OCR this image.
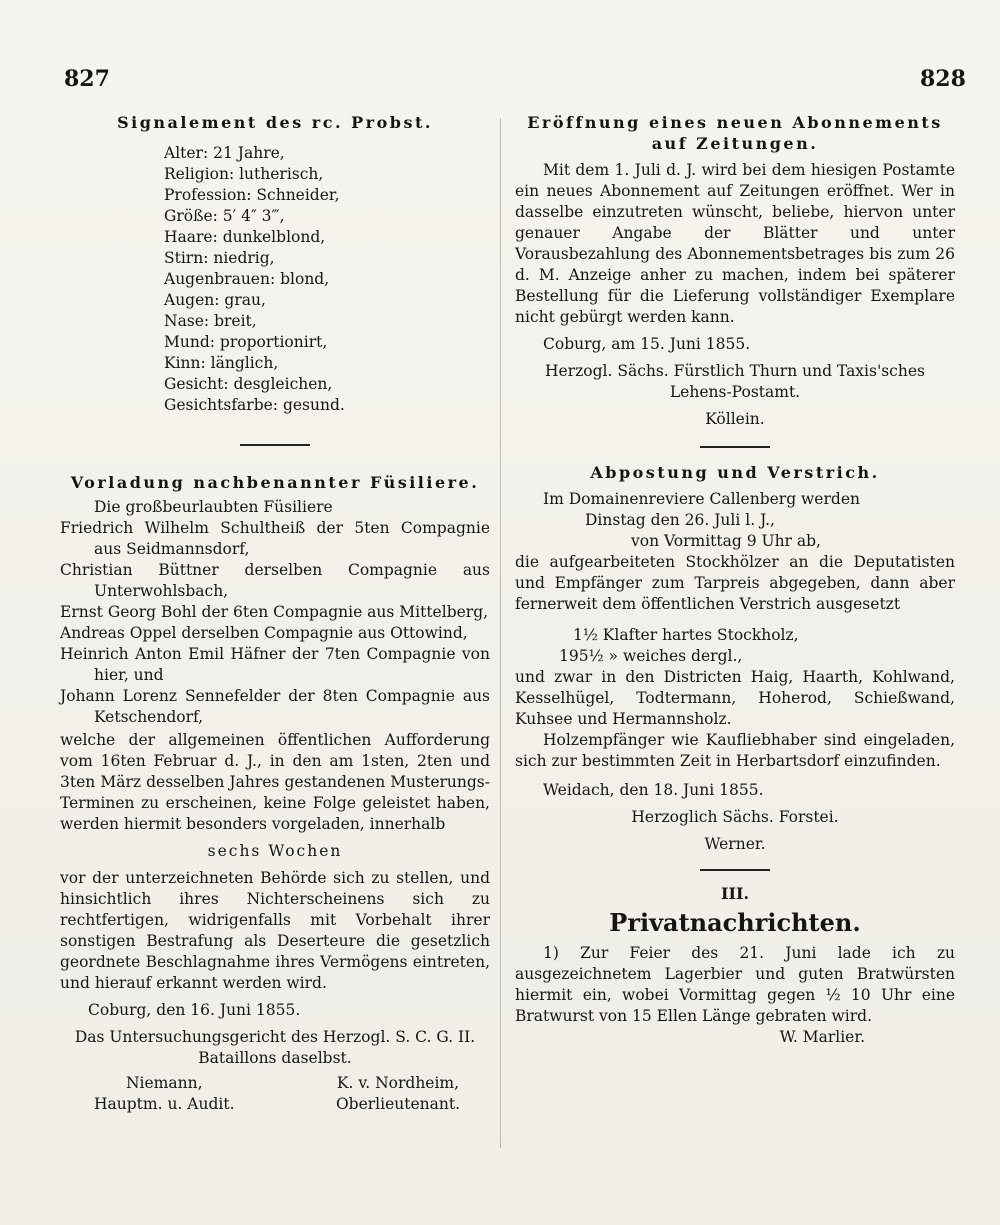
827	828

Signalement des rc. Probst.

Alter: 21 Jahre,
Religion: lutherisch,
Profession: Schneider,
Größe: 5′ 4″ 3‴,
Haare: dunkelblond,
Stirn: niedrig,
Augenbrauen: blond,
Augen: grau,
Nase: breit,
Mund: proportionirt,
Kinn: länglich,
Gesicht: desgleichen,
Gesichtsfarbe: gesund.

Vorladung nachbenannter Füsiliere.

Die großbeurlaubten Füsiliere

Friedrich Wilhelm Schultheiß der 5ten Compagnie aus Seidmannsdorf,

Christian Büttner derselben Compagnie aus Unterwohlsbach,

Ernst Georg Bohl der 6ten Compagnie aus Mittelberg,

Andreas Oppel derselben Compagnie aus Ottowind,

Heinrich Anton Emil Häfner der 7ten Compagnie von hier, und

Johann Lorenz Sennefelder der 8ten Compagnie aus Ketschendorf,

welche der allgemeinen öffentlichen Aufforderung vom 16ten Februar d. J., in den am 1sten, 2ten und 3ten März desselben Jahres gestandenen Musterungs-Terminen zu erscheinen, keine Folge geleistet haben, werden hiermit besonders vorgeladen, innerhalb

sechs Wochen

vor der unterzeichneten Behörde sich zu stellen, und hinsichtlich ihres Nichterscheinens sich zu rechtfertigen, widrigenfalls mit Vorbehalt ihrer sonstigen Bestrafung als Deserteure die gesetzlich geordnete Beschlagnahme ihres Vermögens eintreten, und hierauf erkannt werden wird.

Coburg, den 16. Juni 1855.

Das Untersuchungsgericht des Herzogl. S. C. G. II. Bataillons daselbst.

Niemann,

Hauptm. u. Audit.

K. v. Nordheim,

Oberlieutenant.

Eröffnung eines neuen Abonnements

auf Zeitungen.

Mit dem 1. Juli d. J. wird bei dem hiesigen Postamte ein neues Abonnement auf Zeitungen eröffnet. Wer in dasselbe einzutreten wünscht, beliebe, hiervon unter genauer Angabe der Blätter und unter Vorausbezahlung des Abonnementsbetrages bis zum 26 d. M. Anzeige anher zu machen, indem bei späterer Bestellung für die Lieferung vollständiger Exemplare nicht gebürgt werden kann.

Coburg, am 15. Juni 1855.

Herzogl. Sächs. Fürstlich Thurn und Taxis'sches Lehens-Postamt.

Köllein.

Abpostung und Verstrich.

Im Domainenreviere Callenberg werden

Dinstag den 26. Juli l. J.,

von Vormittag 9 Uhr ab,

die aufgearbeiteten Stockhölzer an die Deputatisten und Empfänger zum Tarpreis abgegeben, dann aber fernerweit dem öffentlichen Verstrich ausgesetzt

1½ Klafter hartes Stockholz,

195½ » weiches dergl.,

und zwar in den Districten Haig, Haarth, Kohlwand, Kesselhügel, Todtermann, Hoherod, Schießwand, Kuhsee und Hermannsholz.

Holzempfänger wie Kaufliebhaber sind eingeladen, sich zur bestimmten Zeit in Herbartsdorf einzufinden.

Weidach, den 18. Juni 1855.

Herzoglich Sächs. Forstei.

Werner.

III.

Privatnachrichten.

1) Zur Feier des 21. Juni lade ich zu ausgezeichnetem Lagerbier und guten Bratwürsten hiermit ein, wobei Vormittag gegen ½ 10 Uhr eine Bratwurst von 15 Ellen Länge gebraten wird.

W. Marlier.
